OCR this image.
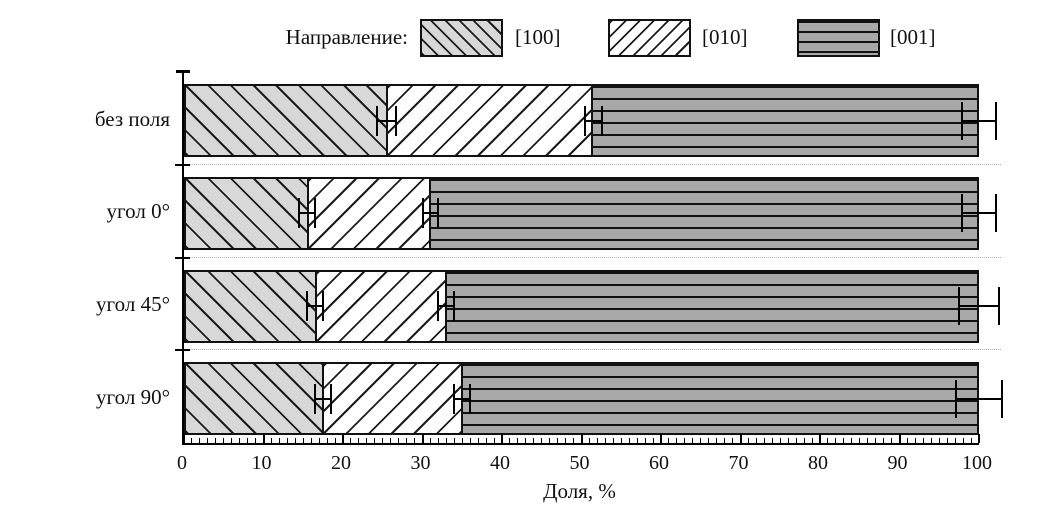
Направление:	[100]	[010]	[001]
без поля
угол 0°
угол 45°
угол 90°
0	10	20	30	40	50	60	70	80	90	100
Доля, %
